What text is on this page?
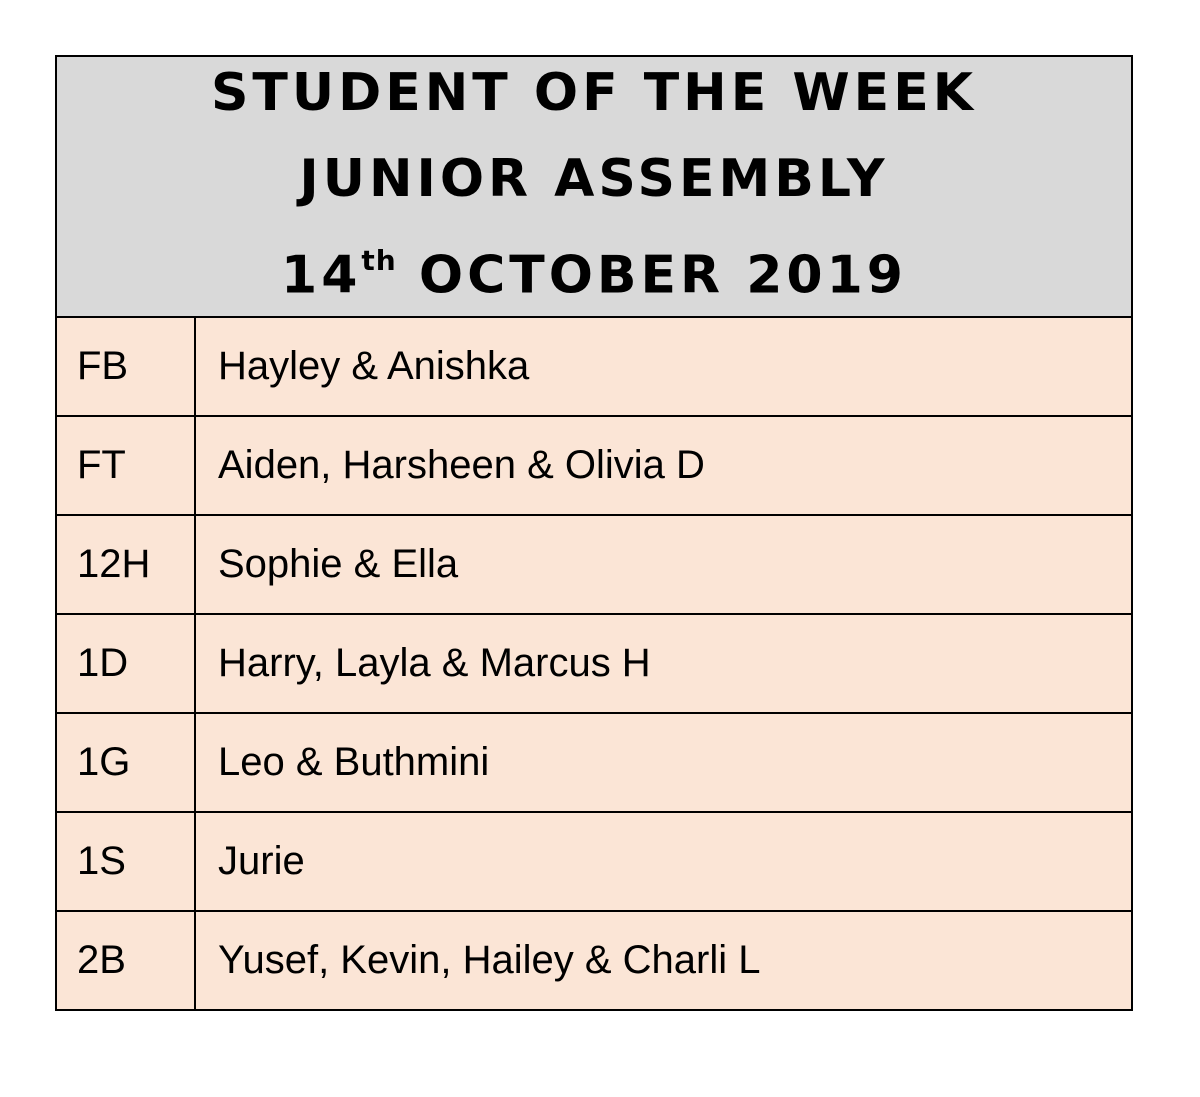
STUDENT OF THE WEEK
JUNIOR ASSEMBLY
14th OCTOBER 2019
FB	Hayley & Anishka
FT	Aiden, Harsheen & Olivia D
12H	Sophie & Ella
1D	Harry, Layla & Marcus H
1G	Leo & Buthmini
1S	Jurie
2B	Yusef, Kevin, Hailey & Charli L
